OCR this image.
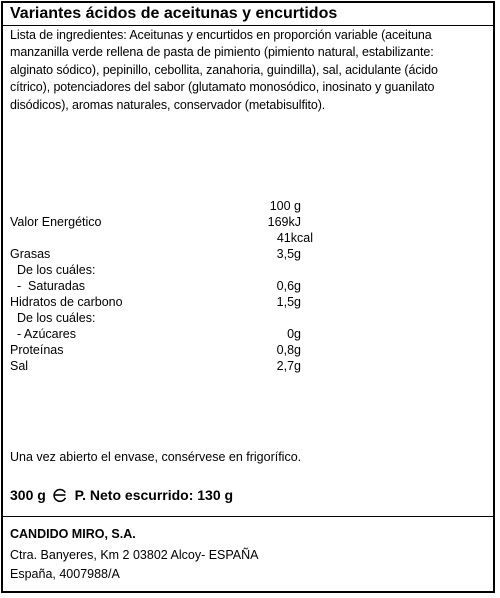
Variantes ácidos de aceitunas y encurtidos
Lista de ingredientes: Aceitunas y encurtidos en proporción variable (aceituna
manzanilla verde rellena de pasta de pimiento (pimiento natural, estabilizante:
alginato sódico), pepinillo, cebollita, zanahoria, guindilla), sal, acidulante (ácido
cítrico), potenciadores del sabor (glutamato monosódico, inosinato y guanilato
disódicos), aromas naturales, conservador (metabisulfito).
100 g
Valor Energético	169kJ
41kcal
Grasas	3,5g
De los cuáles:
-  Saturadas	0,6g
Hidratos de carbono	1,5g
De los cuáles:
- Azúcares	0g
Proteínas	0,8g
Sal	2,7g
Una vez abierto el envase, consérvese en frigorífico.
300 g P. Neto escurrido: 130 g
CANDIDO MIRO, S.A.
Ctra. Banyeres, Km 2 03802 Alcoy- ESPAÑA
España, 4007988/A
